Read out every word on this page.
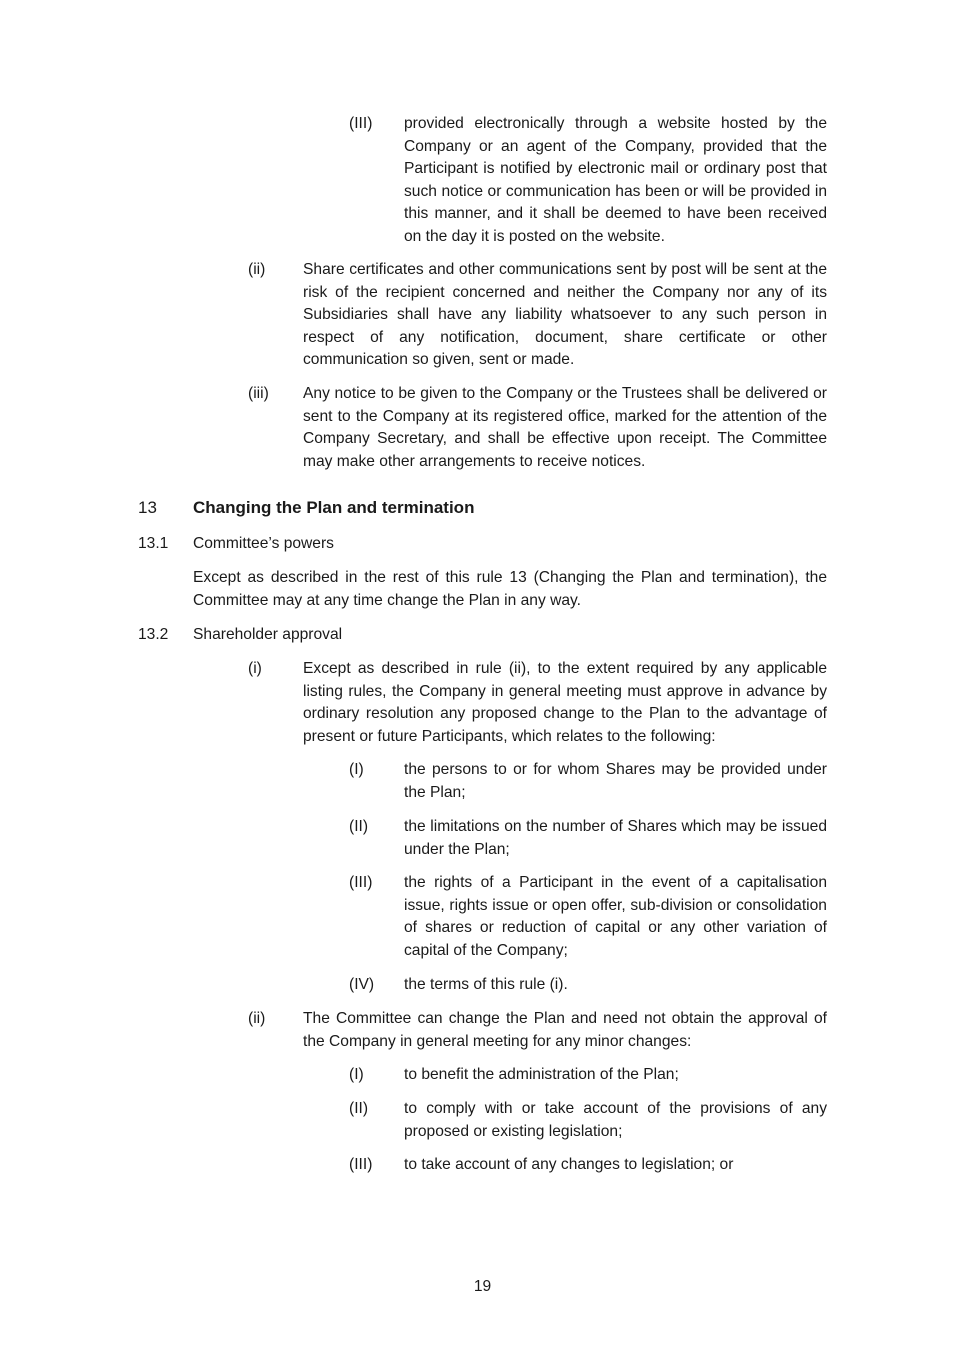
(III) provided electronically through a website hosted by the Company or an agent of the Company, provided that the Participant is notified by electronic mail or ordinary post that such notice or communication has been or will be provided in this manner, and it shall be deemed to have been received on the day it is posted on the website.
(ii) Share certificates and other communications sent by post will be sent at the risk of the recipient concerned and neither the Company nor any of its Subsidiaries shall have any liability whatsoever to any such person in respect of any notification, document, share certificate or other communication so given, sent or made.
(iii) Any notice to be given to the Company or the Trustees shall be delivered or sent to the Company at its registered office, marked for the attention of the Company Secretary, and shall be effective upon receipt. The Committee may make other arrangements to receive notices.
13 Changing the Plan and termination
13.1 Committee’s powers
Except as described in the rest of this rule 13 (Changing the Plan and termination), the Committee may at any time change the Plan in any way.
13.2 Shareholder approval
(i)	Except as described in rule (ii), to the extent required by any applicable listing rules, the Company in general meeting must approve in advance by ordinary resolution any proposed change to the Plan to the advantage of present or future Participants, which relates to the following:
(I)	the persons to or for whom Shares may be provided under the Plan;
(II) the limitations on the number of Shares which may be issued under the Plan;
(III) the rights of a Participant in the event of a capitalisation issue, rights issue or open offer, sub-division or consolidation of shares or reduction of capital or any other variation of capital of the Company;
(IV) the terms of this rule (i).
(ii) The Committee can change the Plan and need not obtain the approval of the Company in general meeting for any minor changes:
(I)	to benefit the administration of the Plan;
(II) to comply with or take account of the provisions of any proposed or existing legislation;
(III) to take account of any changes to legislation; or
19
